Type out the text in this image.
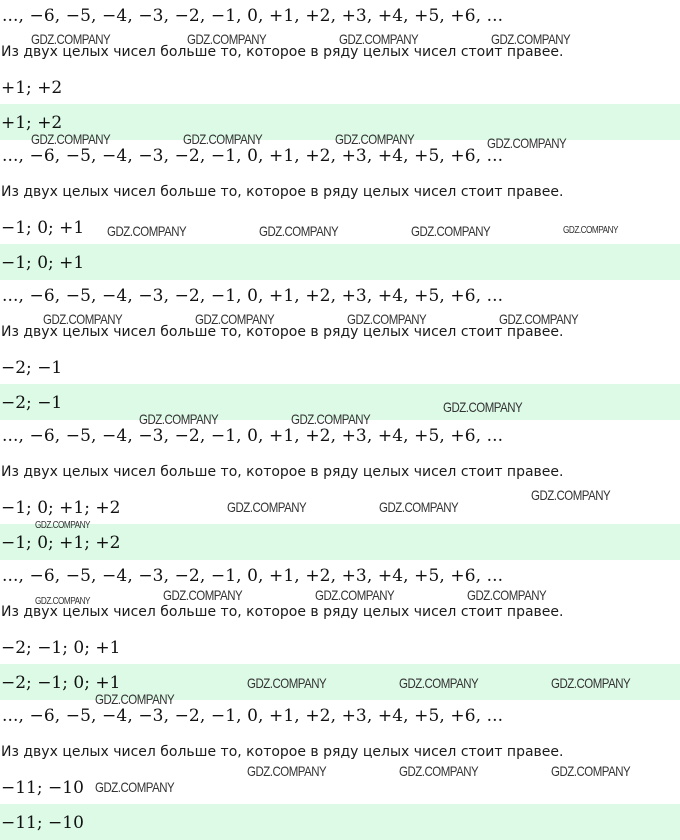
..., −6, −5, −4, −3, −2, −1, 0, +1, +2, +3, +4, +5, +6, ...
Из двух целых чисел больше то, которое в ряду целых чисел стоит правее.
+1; +2
+1; +2
..., −6, −5, −4, −3, −2, −1, 0, +1, +2, +3, +4, +5, +6, ...
Из двух целых чисел больше то, которое в ряду целых чисел стоит правее.
−1; 0; +1
−1; 0; +1
..., −6, −5, −4, −3, −2, −1, 0, +1, +2, +3, +4, +5, +6, ...
Из двух целых чисел больше то, которое в ряду целых чисел стоит правее.
−2; −1
−2; −1
..., −6, −5, −4, −3, −2, −1, 0, +1, +2, +3, +4, +5, +6, ...
Из двух целых чисел больше то, которое в ряду целых чисел стоит правее.
−1; 0; +1; +2
−1; 0; +1; +2
..., −6, −5, −4, −3, −2, −1, 0, +1, +2, +3, +4, +5, +6, ...
Из двух целых чисел больше то, которое в ряду целых чисел стоит правее.
−2; −1; 0; +1
−2; −1; 0; +1
..., −6, −5, −4, −3, −2, −1, 0, +1, +2, +3, +4, +5, +6, ...
Из двух целых чисел больше то, которое в ряду целых чисел стоит правее.
−11; −10
−11; −10
GDZ.COMPANY	GDZ.COMPANY	GDZ.COMPANY	GDZ.COMPANY
GDZ.COMPANY	GDZ.COMPANY	GDZ.COMPANY	GDZ.COMPANY
GDZ.COMPANY	GDZ.COMPANY	GDZ.COMPANY	GDZ.COMPANY
GDZ.COMPANY	GDZ.COMPANY	GDZ.COMPANY	GDZ.COMPANY
GDZ.COMPANY	GDZ.COMPANY
GDZ.COMPANY
GDZ.COMPANY
GDZ.COMPANY	GDZ.COMPANY
GDZ.COMPANY
GDZ.COMPANY	GDZ.COMPANY	GDZ.COMPANY	GDZ.COMPANY
GDZ.COMPANY	GDZ.COMPANY	GDZ.COMPANY
GDZ.COMPANY
GDZ.COMPANY	GDZ.COMPANY	GDZ.COMPANY
GDZ.COMPANY
